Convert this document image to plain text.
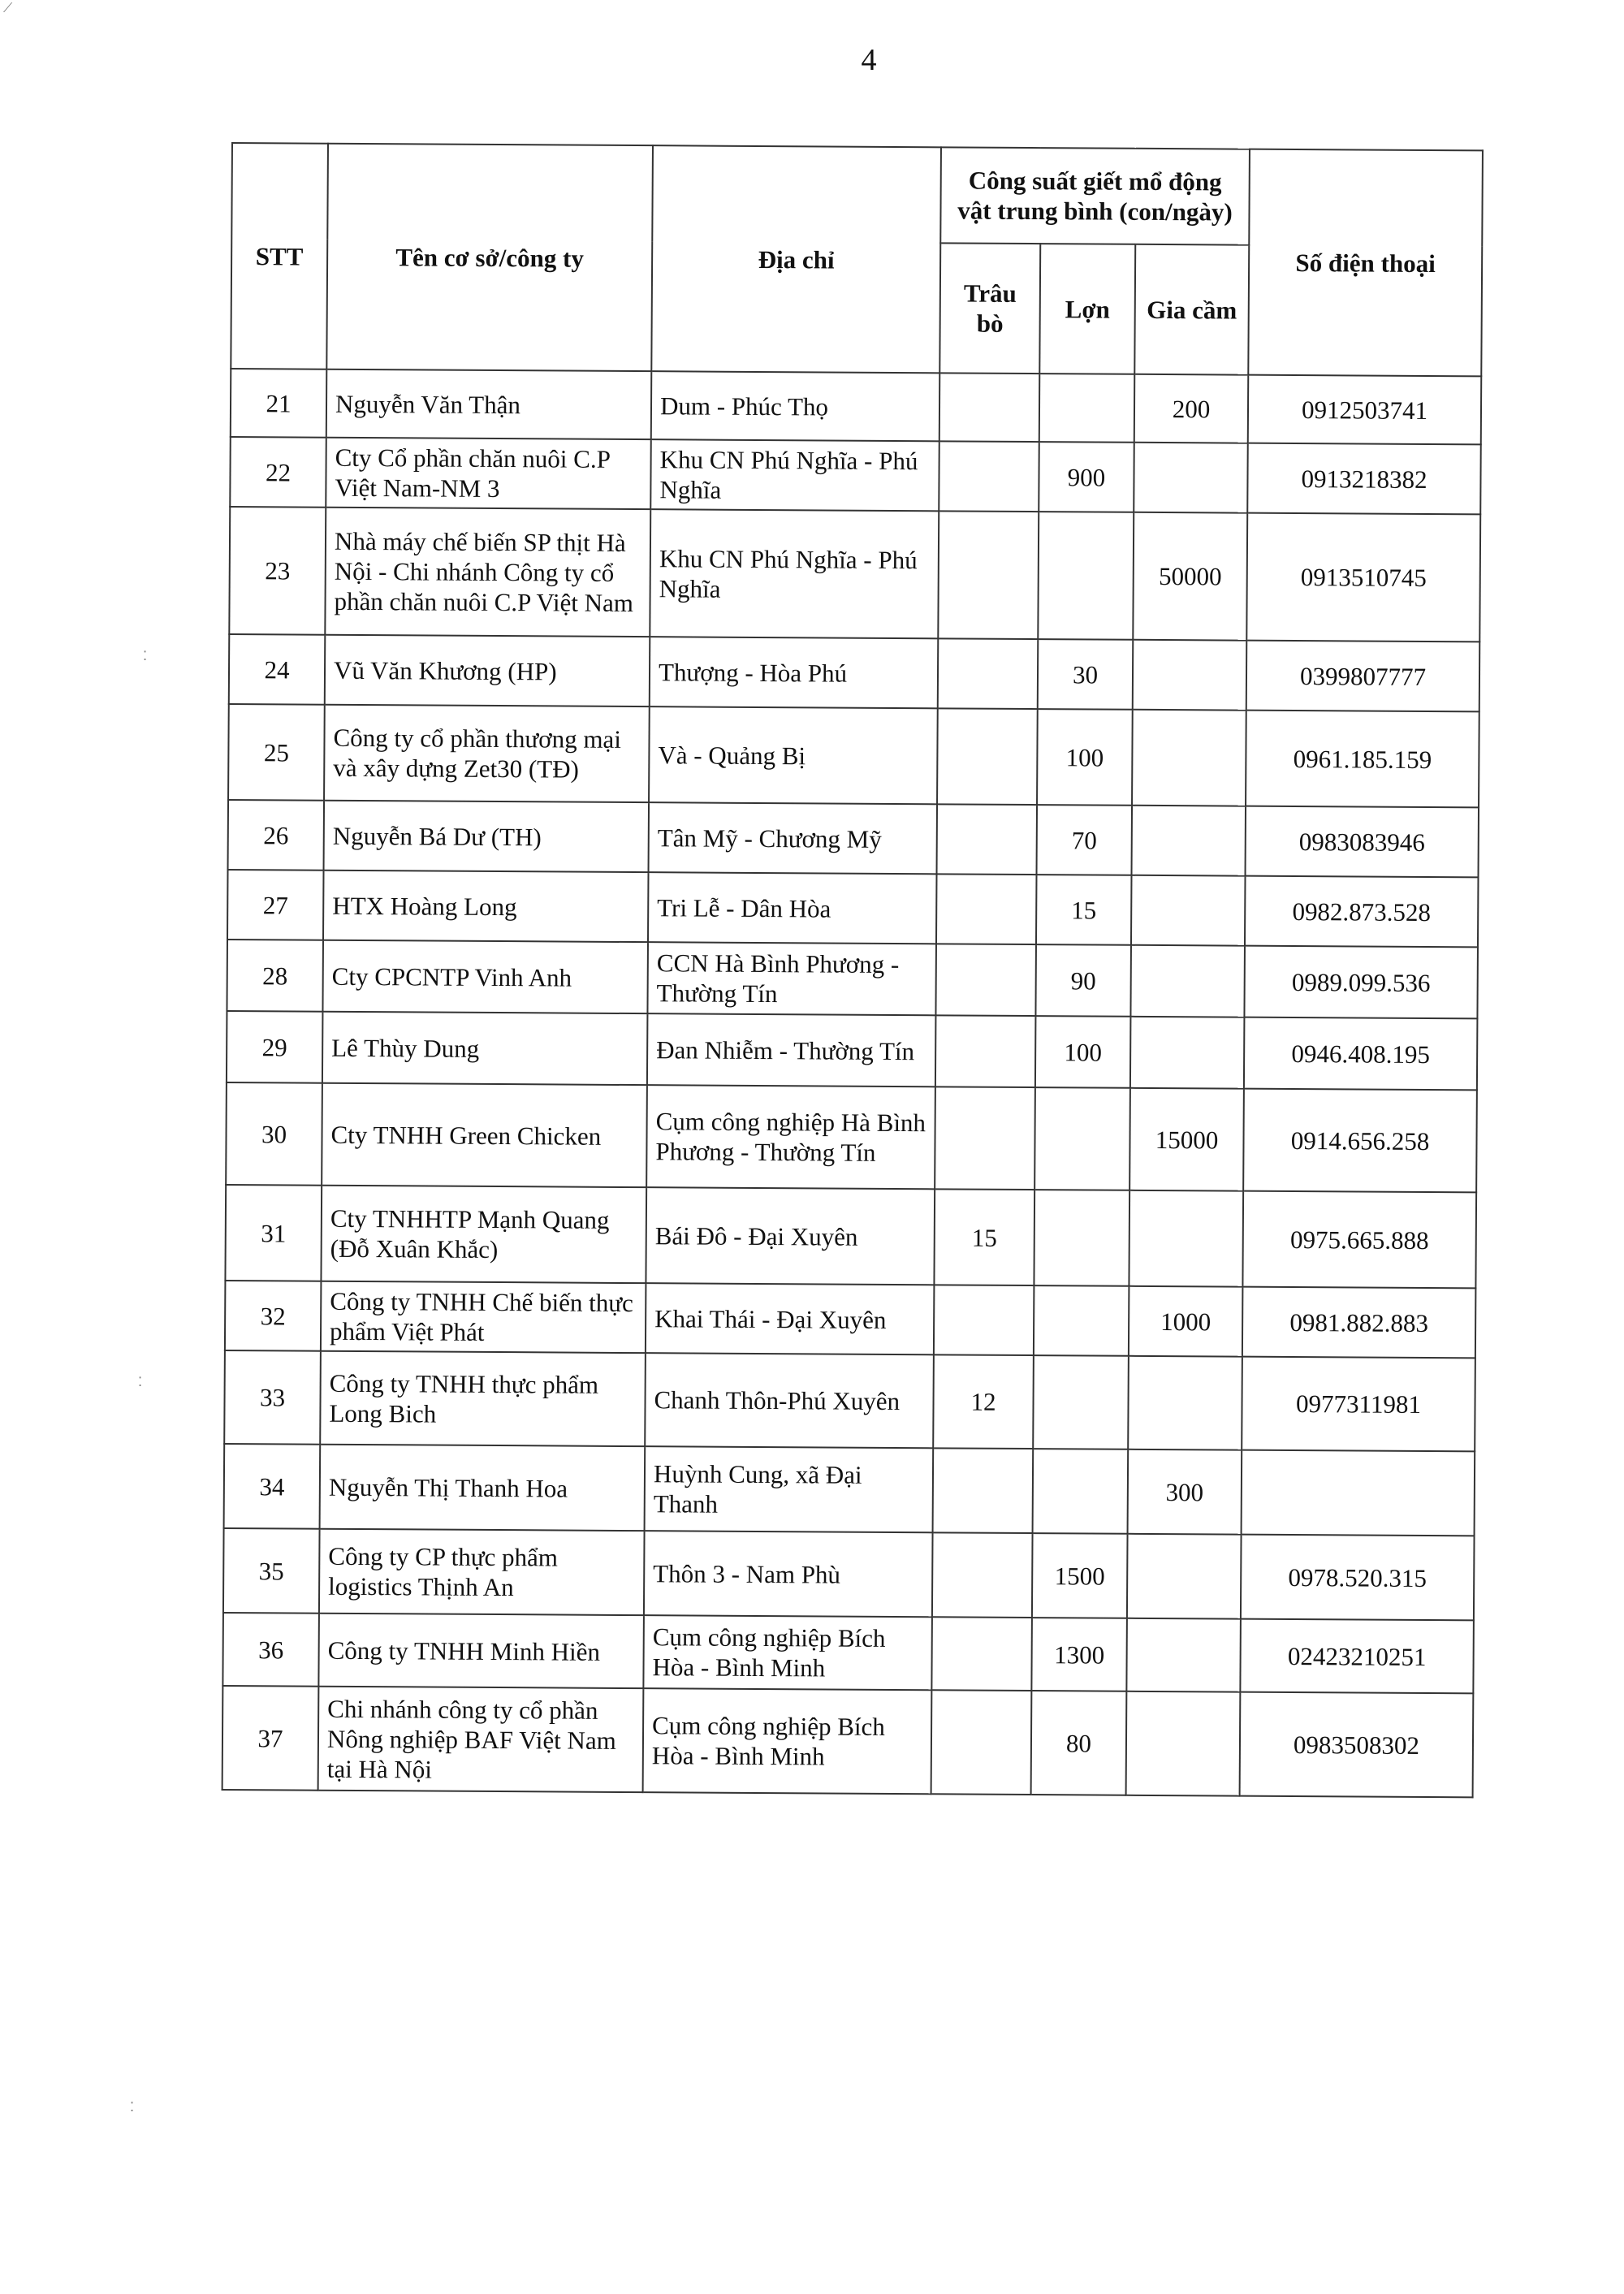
4
⟋
⁚
⁚
⁚
STT	Tên cơ sở/công ty	Địa chỉ	Công suất giết mổ động vật trung bình (con/ngày)			Số điện thoại
			Trâu bò	Lợn	Gia cầm	
21	Nguyễn Văn Thận	Dum - Phúc Thọ			200	0912503741
22	Cty Cổ phần chăn nuôi C.P Việt Nam-NM 3	Khu CN Phú Nghĩa - Phú Nghĩa		900		0913218382
23	Nhà máy chế biến SP thịt Hà Nội - Chi nhánh Công ty cổ phần chăn nuôi C.P Việt Nam	Khu CN Phú Nghĩa - Phú Nghĩa			50000	0913510745
24	Vũ Văn Khương (HP)	Thượng - Hòa Phú		30		0399807777
25	Công ty cổ phần thương mại và xây dựng Zet30 (TĐ)	Và - Quảng Bị		100		0961.185.159
26	Nguyễn Bá Dư (TH)	Tân Mỹ - Chương Mỹ		70		0983083946
27	HTX Hoàng Long	Tri Lễ - Dân Hòa		15		0982.873.528
28	Cty CPCNTP Vinh Anh	CCN Hà Bình Phương - Thường Tín		90		0989.099.536
29	Lê Thùy Dung	Đan Nhiễm - Thường Tín		100		0946.408.195
30	Cty TNHH Green Chicken	Cụm công nghiệp Hà Bình Phương - Thường Tín			15000	0914.656.258
31	Cty TNHHTP Mạnh Quang (Đỗ Xuân Khắc)	Bái Đô - Đại Xuyên	15			0975.665.888
32	Công ty TNHH Chế biến thực phẩm Việt Phát	Khai Thái - Đại Xuyên			1000	0981.882.883
33	Công ty TNHH thực phẩm Long Bich	Chanh Thôn-Phú Xuyên	12			0977311981
34	Nguyễn Thị Thanh Hoa	Huỳnh Cung, xã Đại Thanh			300	
35	Công ty CP thực phẩm logistics Thịnh An	Thôn 3 - Nam Phù		1500		0978.520.315
36	Công ty TNHH Minh Hiền	Cụm công nghiệp Bích Hòa - Bình Minh		1300		02423210251
37	Chi nhánh công ty cổ phần Nông nghiệp BAF Việt Nam tại Hà Nội	Cụm công nghiệp Bích Hòa - Bình Minh		80		0983508302
